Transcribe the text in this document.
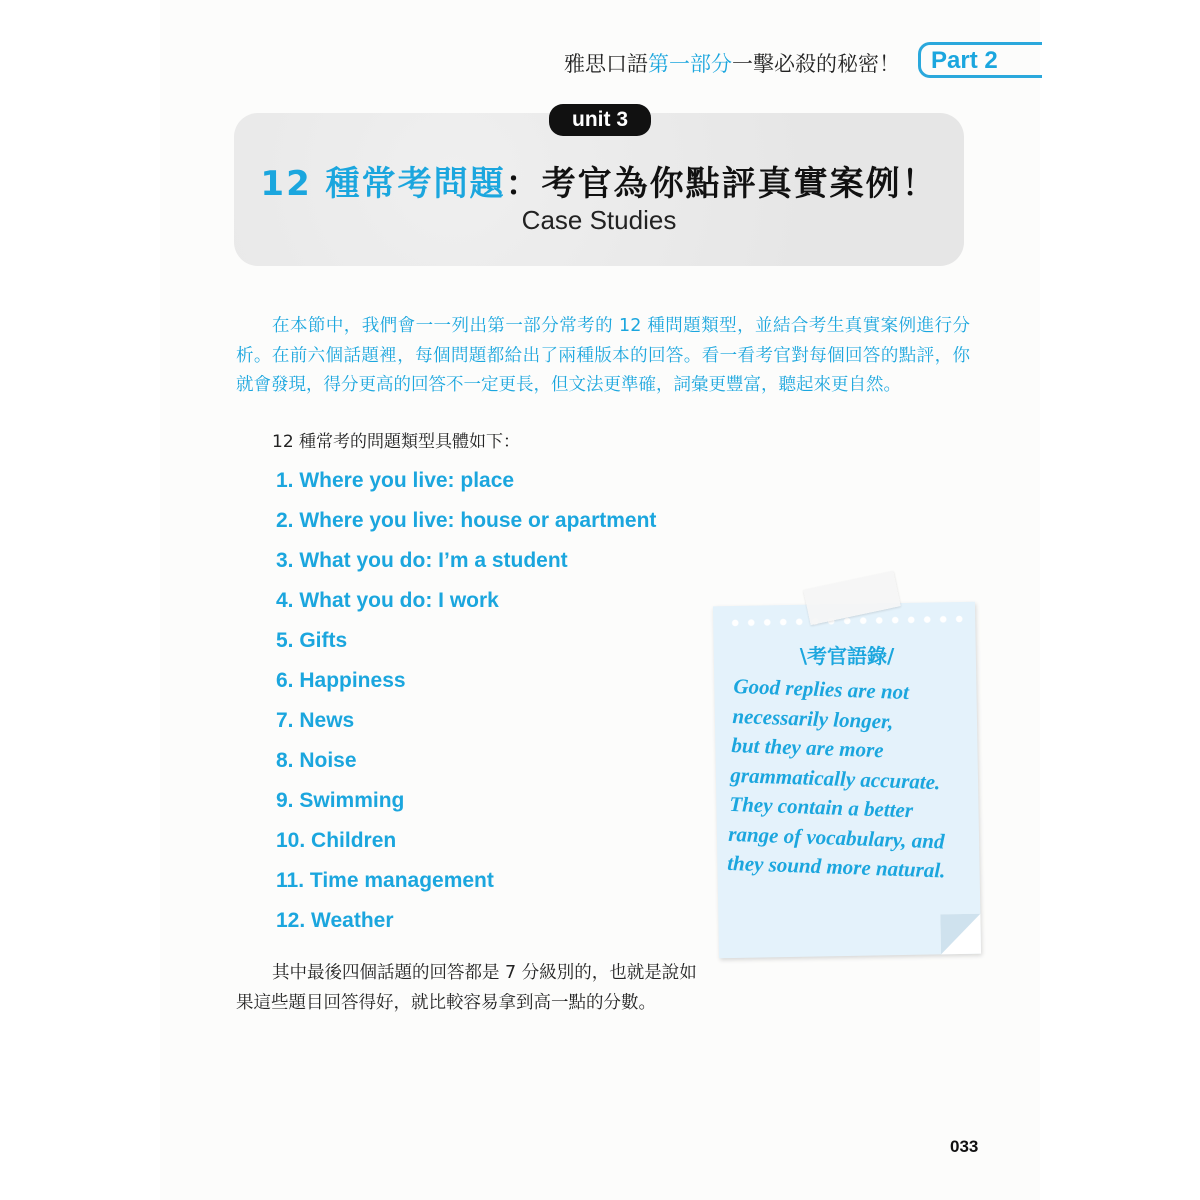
雅思口語第一部分一擊必殺的秘密！ Part 2
unit 3
12 種常考問題：考官為你點評真實案例！
Case Studies

在本節中，我們會一一列出第一部分常考的 12 種問題類型，並結合考生真實案例進行分析。在前六個話題裡，每個問題都給出了兩種版本的回答。看一看考官對每個回答的點評，你就會發現，得分更高的回答不一定更長，但文法更準確，詞彙更豐富，聽起來更自然。

12 種常考的問題類型具體如下：
1. Where you live: place
2. Where you live: house or apartment
3. What you do: I’m a student
4. What you do: I work
5. Gifts
6. Happiness
7. News
8. Noise
9. Swimming
10. Children
11. Time management
12. Weather

其中最後四個話題的回答都是 7 分級別的，也就是說如果這些題目回答得好，就比較容易拿到高一點的分數。

\考官語錄/
Good replies are not
necessarily longer,
but they are more
grammatically accurate.
They contain a better
range of vocabulary, and
they sound more natural.
033
